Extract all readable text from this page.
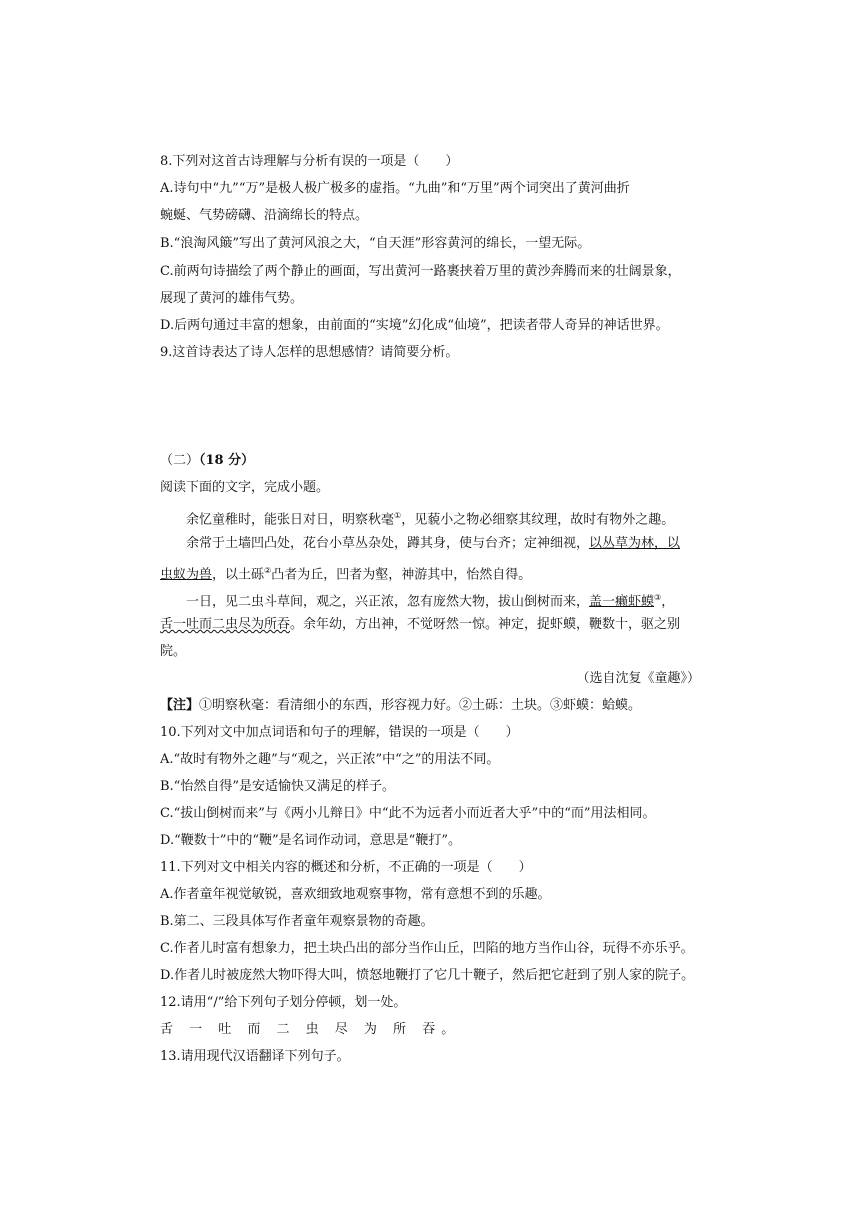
8.下列对这首古诗理解与分析有误的一项是（　　）
A.诗句中“九”“万”是极人极广极多的虚指。“九曲”和“万里”两个词突出了黄河曲折
蜿蜒、气势磅礴、沿滴绵长的特点。
B.“浪淘风簸”写出了黄河风浪之大，“自天涯”形容黄河的绵长，一望无际。
C.前两句诗描绘了两个静止的画面，写出黄河一路裹挟着万里的黄沙奔腾而来的壮阔景象，
展现了黄河的雄伟气势。
D.后两句通过丰富的想象，由前面的“实境”幻化成“仙境”，把读者带人奇异的神话世界。
9.这首诗表达了诗人怎样的思想感情？请简要分析。
（二）（18 分）
阅读下面的文字，完成小题。
余忆童稚时，能张日对日，明察秋毫①，见藐小之物必细察其纹理，故时有物外之趣。
余常于土墙凹凸处，花台小草丛杂处，蹲其身，使与台齐；定神细视，以丛草为林，以
虫蚁为兽，以土砾②凸者为丘，凹者为壑，神游其中，怡然自得。
一日，见二虫斗草间，观之，兴正浓，忽有庞然大物，拔山倒树而来，盖一癞虾蟆③，
舌一吐而二虫尽为所吞。余年幼，方出神，不觉呀然一惊。神定，捉虾蟆，鞭数十，驱之别
院。
（选自沈复《童趣》）
【注】①明察秋毫：看清细小的东西，形容视力好。②土砾：土块。③虾蟆：蛤蟆。
10.下列对文中加点词语和句子的理解，错误的一项是（　　）
A.“故时有物外之趣”与“观之，兴正浓”中“之”的用法不同。
B.“怡然自得”是安适愉快又满足的样子。
C.“拔山倒树而来”与《两小儿辩日》中“此不为远者小而近者大乎”中的“而”用法相同。
D.“鞭数十”中的“鞭”是名词作动词，意思是“鞭打”。
11.下列对文中相关内容的概述和分析，不正确的一项是（　　）
A.作者童年视觉敏锐，喜欢细致地观察事物，常有意想不到的乐趣。
B.第二、三段具体写作者童年观察景物的奇趣。
C.作者儿时富有想象力，把土块凸出的部分当作山丘，凹陷的地方当作山谷，玩得不亦乐乎。
D.作者儿时被庞然大物吓得大叫，愤怒地鞭打了它几十鞭子，然后把它赶到了别人家的院子。
12.请用“/”给下列句子划分停顿，划一处。
舌 一 吐 而 二 虫 尽 为 所 吞。
13.请用现代汉语翻译下列句子。
